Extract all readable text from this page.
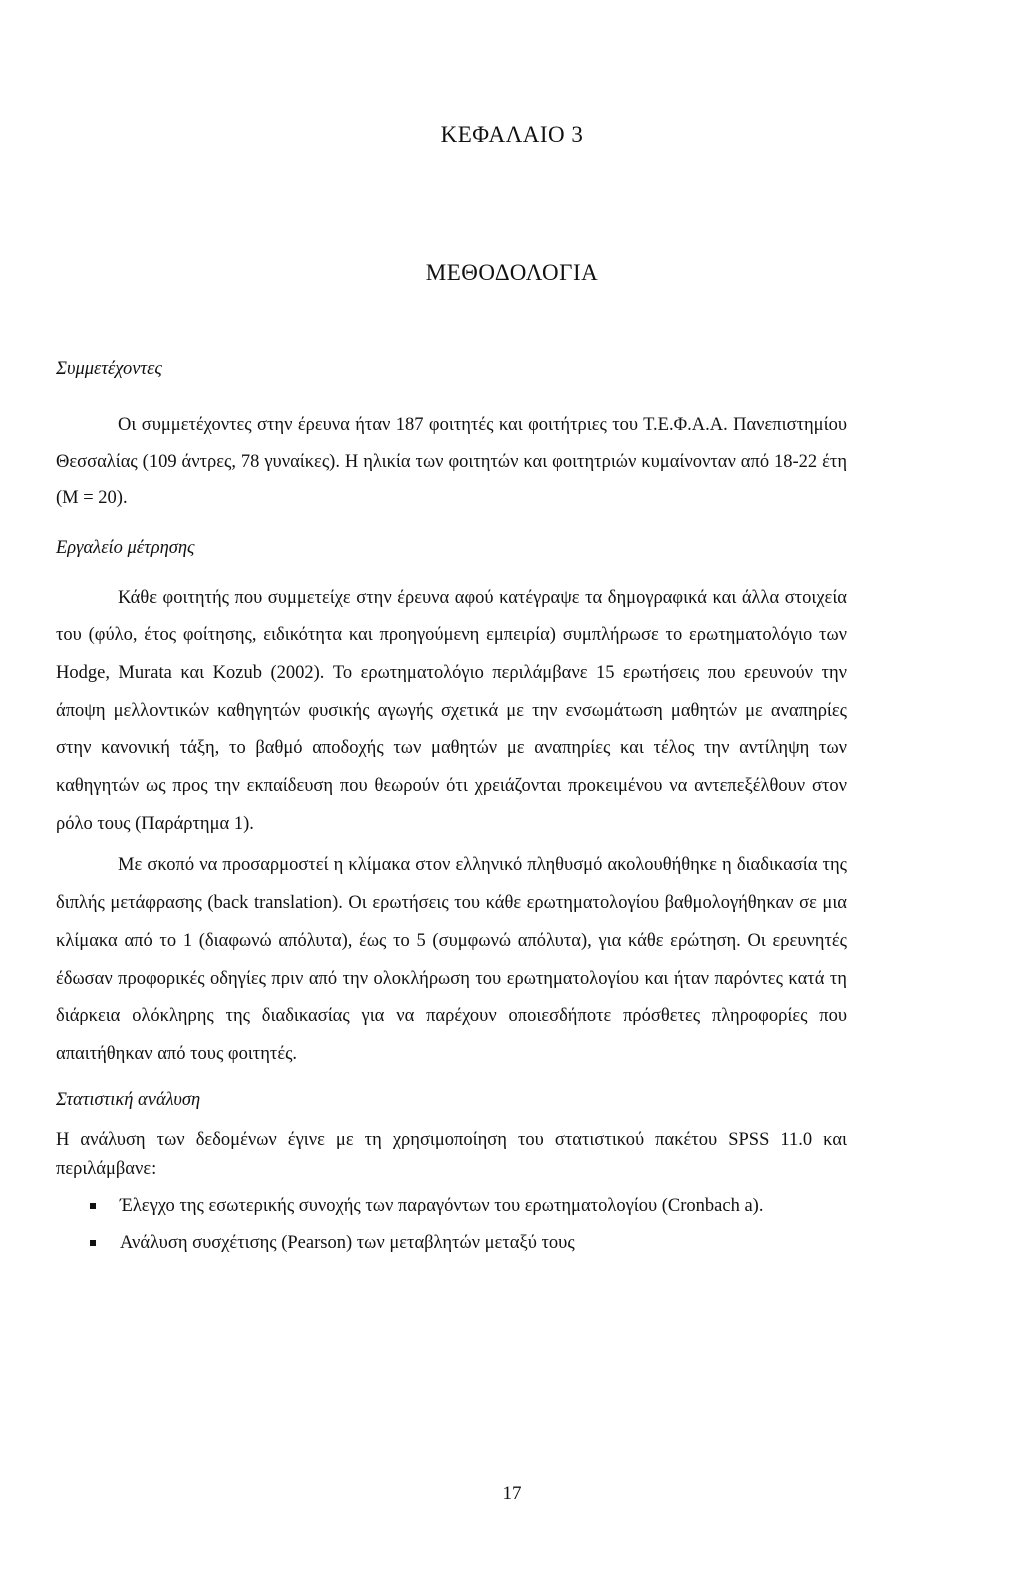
ΚΕΦΑΛΑΙΟ 3
ΜΕΘΟΔΟΛΟΓΙΑ

Συμμετέχοντες

Οι συμμετέχοντες στην έρευνα ήταν 187 φοιτητές και φοιτήτριες του Τ.Ε.Φ.Α.Α. Πανεπιστημίου Θεσσαλίας (109 άντρες, 78 γυναίκες). Η ηλικία των φοιτητών και φοιτητριών κυμαίνονταν από 18-22 έτη (M = 20).

Εργαλείο μέτρησης

Κάθε φοιτητής που συμμετείχε στην έρευνα αφού κατέγραψε τα δημογραφικά και άλλα στοιχεία του (φύλο, έτος φοίτησης, ειδικότητα και προηγούμενη εμπειρία) συμπλήρωσε το ερωτηματολόγιο των Hodge, Murata και Kozub (2002). Το ερωτηματολόγιο περιλάμβανε 15 ερωτήσεις που ερευνούν την άποψη μελλοντικών καθηγητών φυσικής αγωγής σχετικά με την ενσωμάτωση μαθητών με αναπηρίες στην κανονική τάξη, το βαθμό αποδοχής των μαθητών με αναπηρίες και τέλος την αντίληψη των καθηγητών ως προς την εκπαίδευση που θεωρούν ότι χρειάζονται προκειμένου να αντεπεξέλθουν στον ρόλο τους (Παράρτημα 1).

Με σκοπό να προσαρμοστεί η κλίμακα στον ελληνικό πληθυσμό ακολουθήθηκε η διαδικασία της διπλής μετάφρασης (back translation). Οι ερωτήσεις του κάθε ερωτηματολογίου βαθμολογήθηκαν σε μια κλίμακα από το 1 (διαφωνώ απόλυτα), έως το 5 (συμφωνώ απόλυτα), για κάθε ερώτηση. Οι ερευνητές έδωσαν προφορικές οδηγίες πριν από την ολοκλήρωση του ερωτηματολογίου και ήταν παρόντες κατά τη διάρκεια ολόκληρης της διαδικασίας για να παρέχουν οποιεσδήποτε πρόσθετες πληροφορίες που απαιτήθηκαν από τους φοιτητές.

Στατιστική ανάλυση

Η ανάλυση των δεδομένων έγινε με τη χρησιμοποίηση του στατιστικού πακέτου SPSS 11.0 και περιλάμβανε:

Έλεγχο της εσωτερικής συνοχής των παραγόντων του ερωτηματολογίου (Cronbach a).
Ανάλυση συσχέτισης (Pearson) των μεταβλητών μεταξύ τους
17
